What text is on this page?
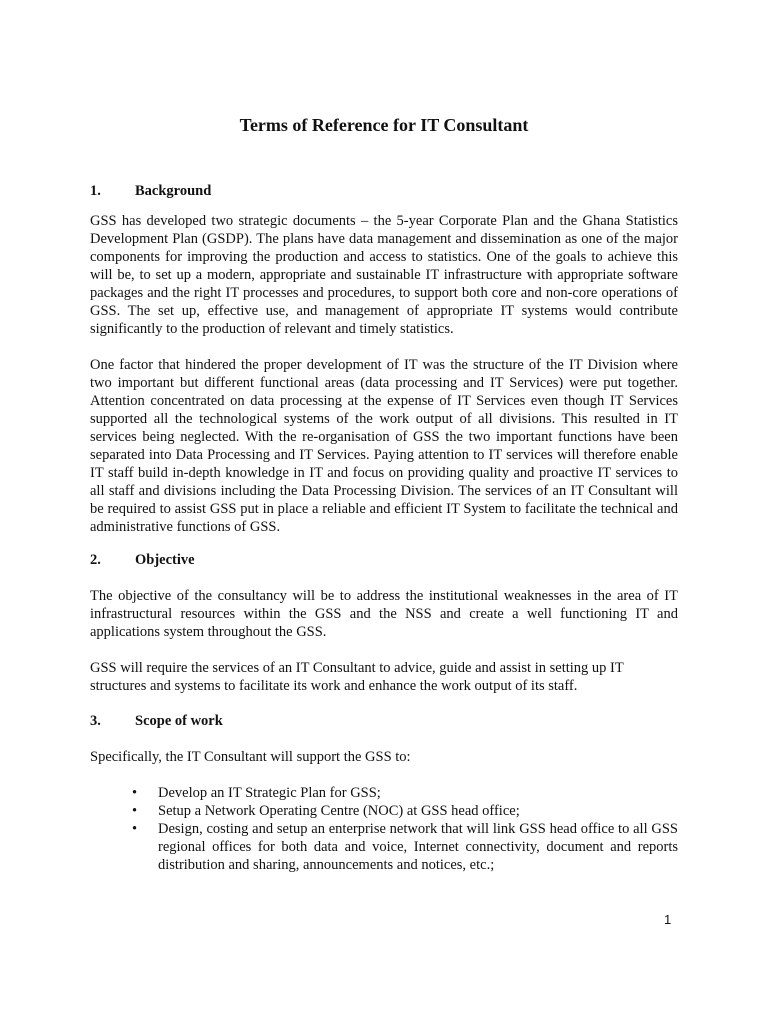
Terms of Reference for IT Consultant
1. Background
GSS has developed two strategic documents – the 5-year Corporate Plan and the Ghana Statistics Development Plan (GSDP). The plans have data management and dissemination as one of the major components for improving the production and access to statistics. One of the goals to achieve this will be, to set up a modern, appropriate and sustainable IT infrastructure with appropriate software packages and the right IT processes and procedures, to support both core and non-core operations of GSS. The set up, effective use, and management of appropriate IT systems would contribute significantly to the production of relevant and timely statistics.
One factor that hindered the proper development of IT was the structure of the IT Division where two important but different functional areas (data processing and IT Services) were put together. Attention concentrated on data processing at the expense of IT Services even though IT Services supported all the technological systems of the work output of all divisions. This resulted in IT services being neglected. With the re-organisation of GSS the two important functions have been separated into Data Processing and IT Services. Paying attention to IT services will therefore enable IT staff build in-depth knowledge in IT and focus on providing quality and proactive IT services to all staff and divisions including the Data Processing Division. The services of an IT Consultant will be required to assist GSS put in place a reliable and efficient IT System to facilitate the technical and administrative functions of GSS.
2. Objective
The objective of the consultancy will be to address the institutional weaknesses in the area of IT infrastructural resources within the GSS and the NSS and create a well functioning IT and applications system throughout the GSS.
GSS will require the services of an IT Consultant to advice, guide and assist in setting up IT structures and systems to facilitate its work and enhance the work output of its staff.
3. Scope of work
Specifically, the IT Consultant will support the GSS to:
• Develop an IT Strategic Plan for GSS;
• Setup a Network Operating Centre (NOC) at GSS head office;
• Design, costing and setup an enterprise network that will link GSS head office to all GSS regional offices for both data and voice, Internet connectivity, document and reports distribution and sharing, announcements and notices, etc.;
1
